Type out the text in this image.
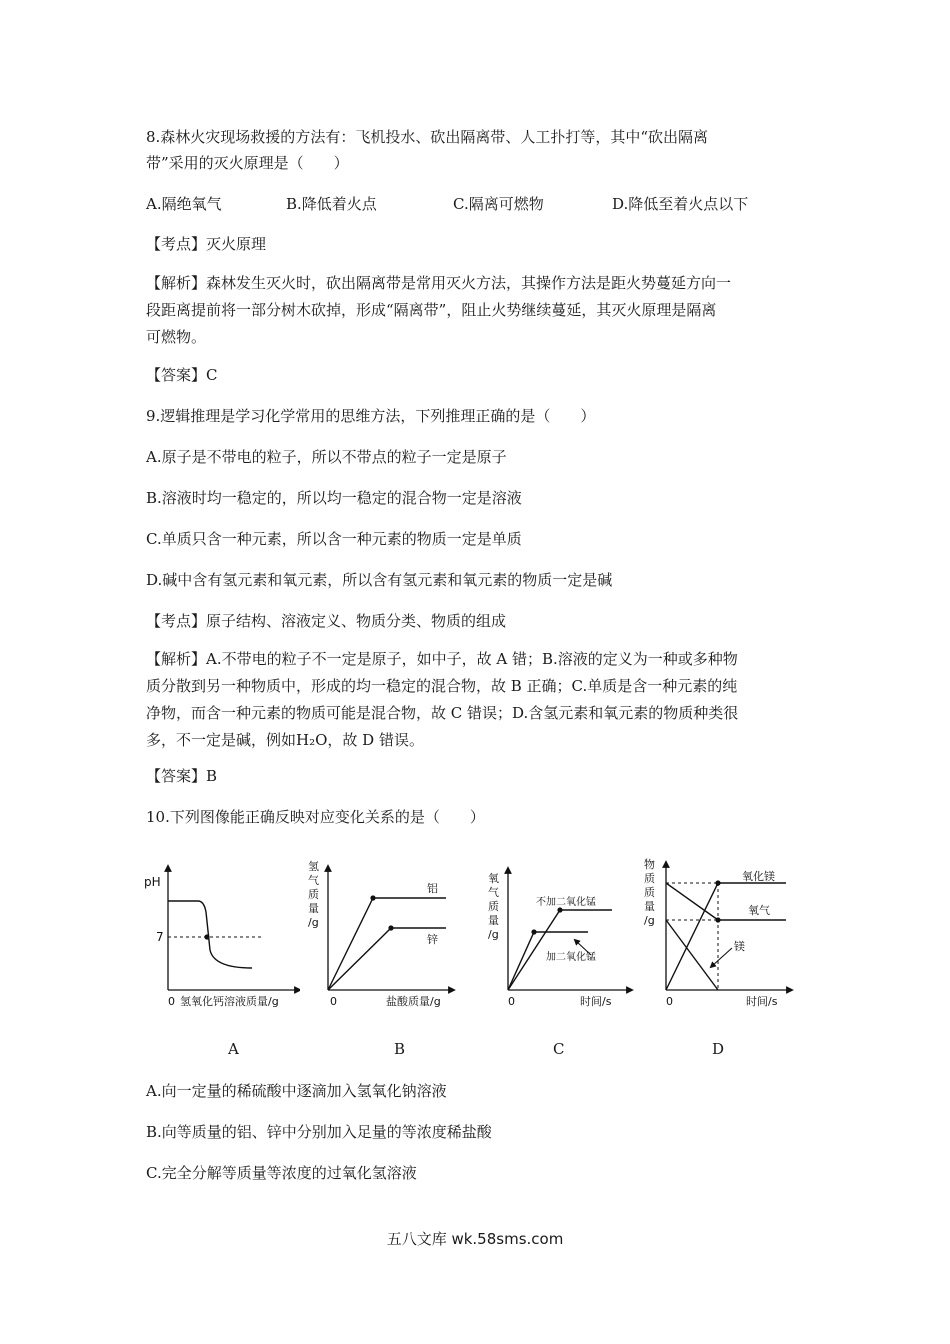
8.森林火灾现场救援的方法有：飞机投水、砍出隔离带、人工扑打等，其中“砍出隔离
带”采用的灭火原理是（　　）
A.隔绝氧气	B.降低着火点	C.隔离可燃物	D.降低至着火点以下
【考点】灭火原理
【解析】森林发生灭火时，砍出隔离带是常用灭火方法，其操作方法是距火势蔓延方向一
段距离提前将一部分树木砍掉，形成“隔离带”，阻止火势继续蔓延，其灭火原理是隔离
可燃物。
【答案】C
9.逻辑推理是学习化学常用的思维方法，下列推理正确的是（　　）
A.原子是不带电的粒子，所以不带点的粒子一定是原子
B.溶液时均一稳定的，所以均一稳定的混合物一定是溶液
C.单质只含一种元素，所以含一种元素的物质一定是单质
D.碱中含有氢元素和氧元素，所以含有氢元素和氧元素的物质一定是碱
【考点】原子结构、溶液定义、物质分类、物质的组成
【解析】A.不带电的粒子不一定是原子，如中子，故 A 错；B.溶液的定义为一种或多种物
质分散到另一种物质中，形成的均一稳定的混合物，故 B 正确；C.单质是含一种元素的纯
净物，而含一种元素的物质可能是混合物，故 C 错误；D.含氢元素和氧元素的物质种类很
多，不一定是碱，例如H₂O，故 D 错误。
【答案】B
10.下列图像能正确反映对应变化关系的是（　　）
pH
7
0 氢氧化钙溶液质量/g
氢
气
质
量
/g
铝
锌
0	盐酸质量/g
氧
气
质
量
/g
不加二氧化锰
加二氧化锰
0	时间/s
物
质
质
量
/g
氧化镁
氧气
镁
0	时间/s
A	B	C	D
A.向一定量的稀硫酸中逐滴加入氢氧化钠溶液
B.向等质量的铝、锌中分别加入足量的等浓度稀盐酸
C.完全分解等质量等浓度的过氧化氢溶液
五八文库 wk.58sms.com
